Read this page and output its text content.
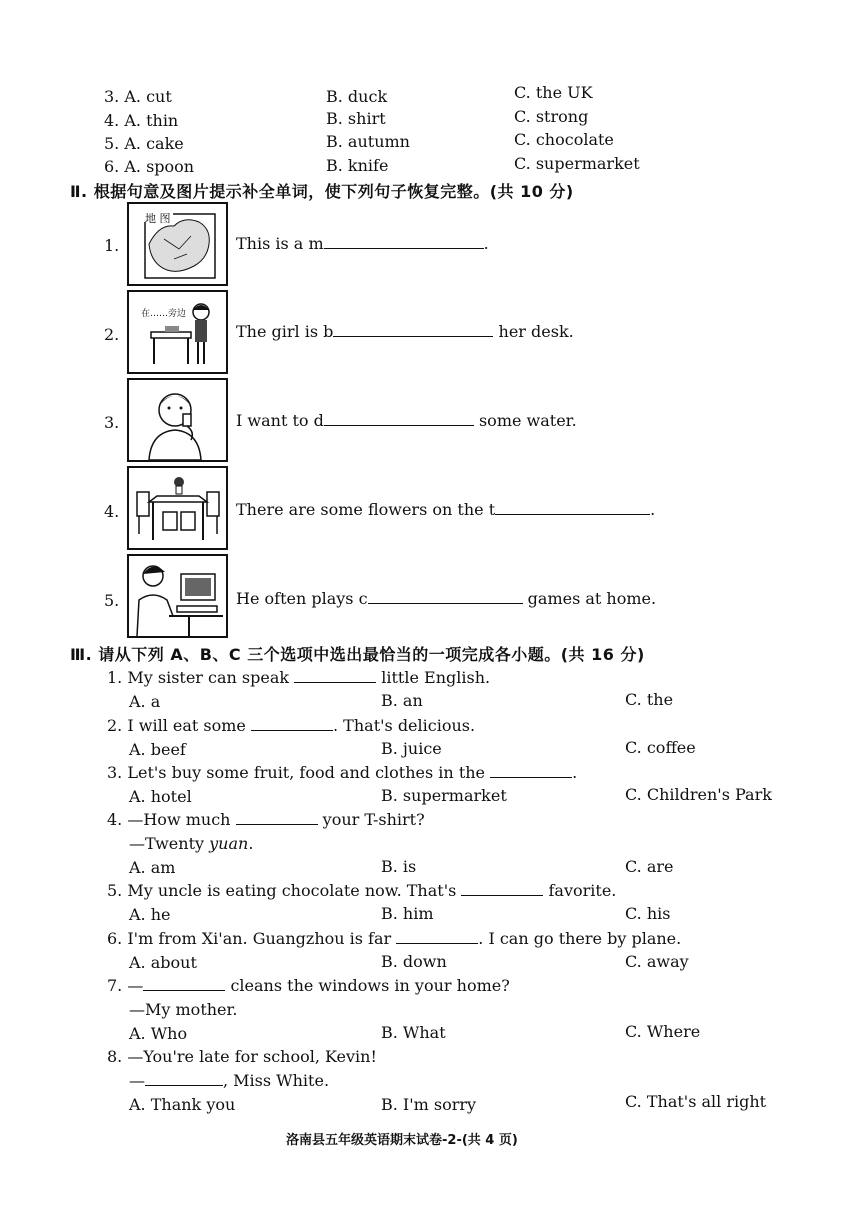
3. A. cut	B. duck	C. the UK
4. A. thin	B. shirt	C. strong
5. A. cake	B. autumn	C. chocolate
6. A. spoon	B. knife	C. supermarket
Ⅱ. 根据句意及图片提示补全单词，使下列句子恢复完整。(共 10 分)
1.
地 图
This is a m	.
2.
在……旁边
The girl is b	her desk.
3.	I want to d	some water.
4.	There are some flowers on the t	.
5.	He often plays c	games at home.
Ⅲ. 请从下列 A、B、C 三个选项中选出最恰当的一项完成各小题。(共 16 分)
1. My sister can speak	little English.
A. a	B. an	C. the
2. I will eat some	. That's delicious.
A. beef	B. juice	C. coffee
3. Let's buy some fruit, food and clothes in the	.
A. hotel	B. supermarket	C. Children's Park
4. —How much	your T-shirt?
—Twenty yuan.
A. am	B. is	C. are
5. My uncle is eating chocolate now. That's	favorite.
A. he	B. him	C. his
6. I'm from Xi'an. Guangzhou is far	. I can go there by plane.
A. about	B. down	C. away
7. —	cleans the windows in your home?
—My mother.
A. Who	B. What	C. Where
8. —You're late for school, Kevin!
—	, Miss White.
A. Thank you	B. I'm sorry	C. That's all right
洛南县五年级英语期末试卷-2-(共 4 页)
